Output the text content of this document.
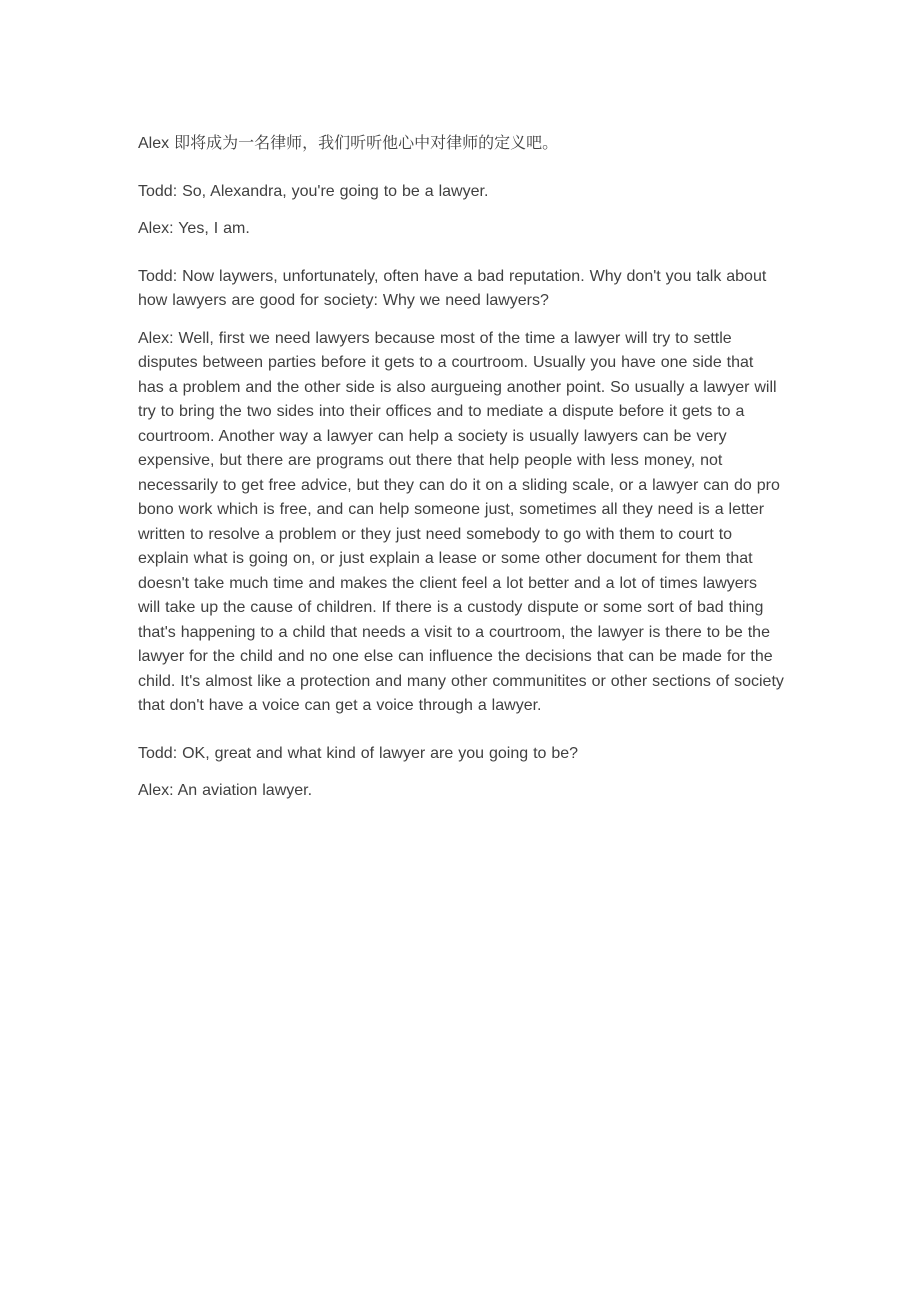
Alex 即将成为一名律师，我们听听他心中对律师的定义吧。

Todd: So, Alexandra, you're going to be a lawyer.

Alex: Yes, I am.

Todd: Now laywers, unfortunately, often have a bad reputation. Why don't you talk about how lawyers are good for society: Why we need lawyers?

Alex: Well, first we need lawyers because most of the time a lawyer will try to settle disputes between parties before it gets to a courtroom. Usually you have one side that has a problem and the other side is also aurgueing another point. So usually a lawyer will try to bring the two sides into their offices and to mediate a dispute before it gets to a courtroom. Another way a lawyer can help a society is usually lawyers can be very expensive, but there are programs out there that help people with less money, not necessarily to get free advice, but they can do it on a sliding scale, or a lawyer can do pro bono work which is free, and can help someone just, sometimes all they need is a letter written to resolve a problem or they just need somebody to go with them to court to explain what is going on, or just explain a lease or some other document for them that doesn't take much time and makes the client feel a lot better and a lot of times lawyers will take up the cause of children. If there is a custody dispute or some sort of bad thing that's happening to a child that needs a visit to a courtroom, the lawyer is there to be the lawyer for the child and no one else can influence the decisions that can be made for the child. It's almost like a protection and many other communitites or other sections of society that don't have a voice can get a voice through a lawyer.

Todd: OK, great and what kind of lawyer are you going to be?

Alex: An aviation lawyer.
